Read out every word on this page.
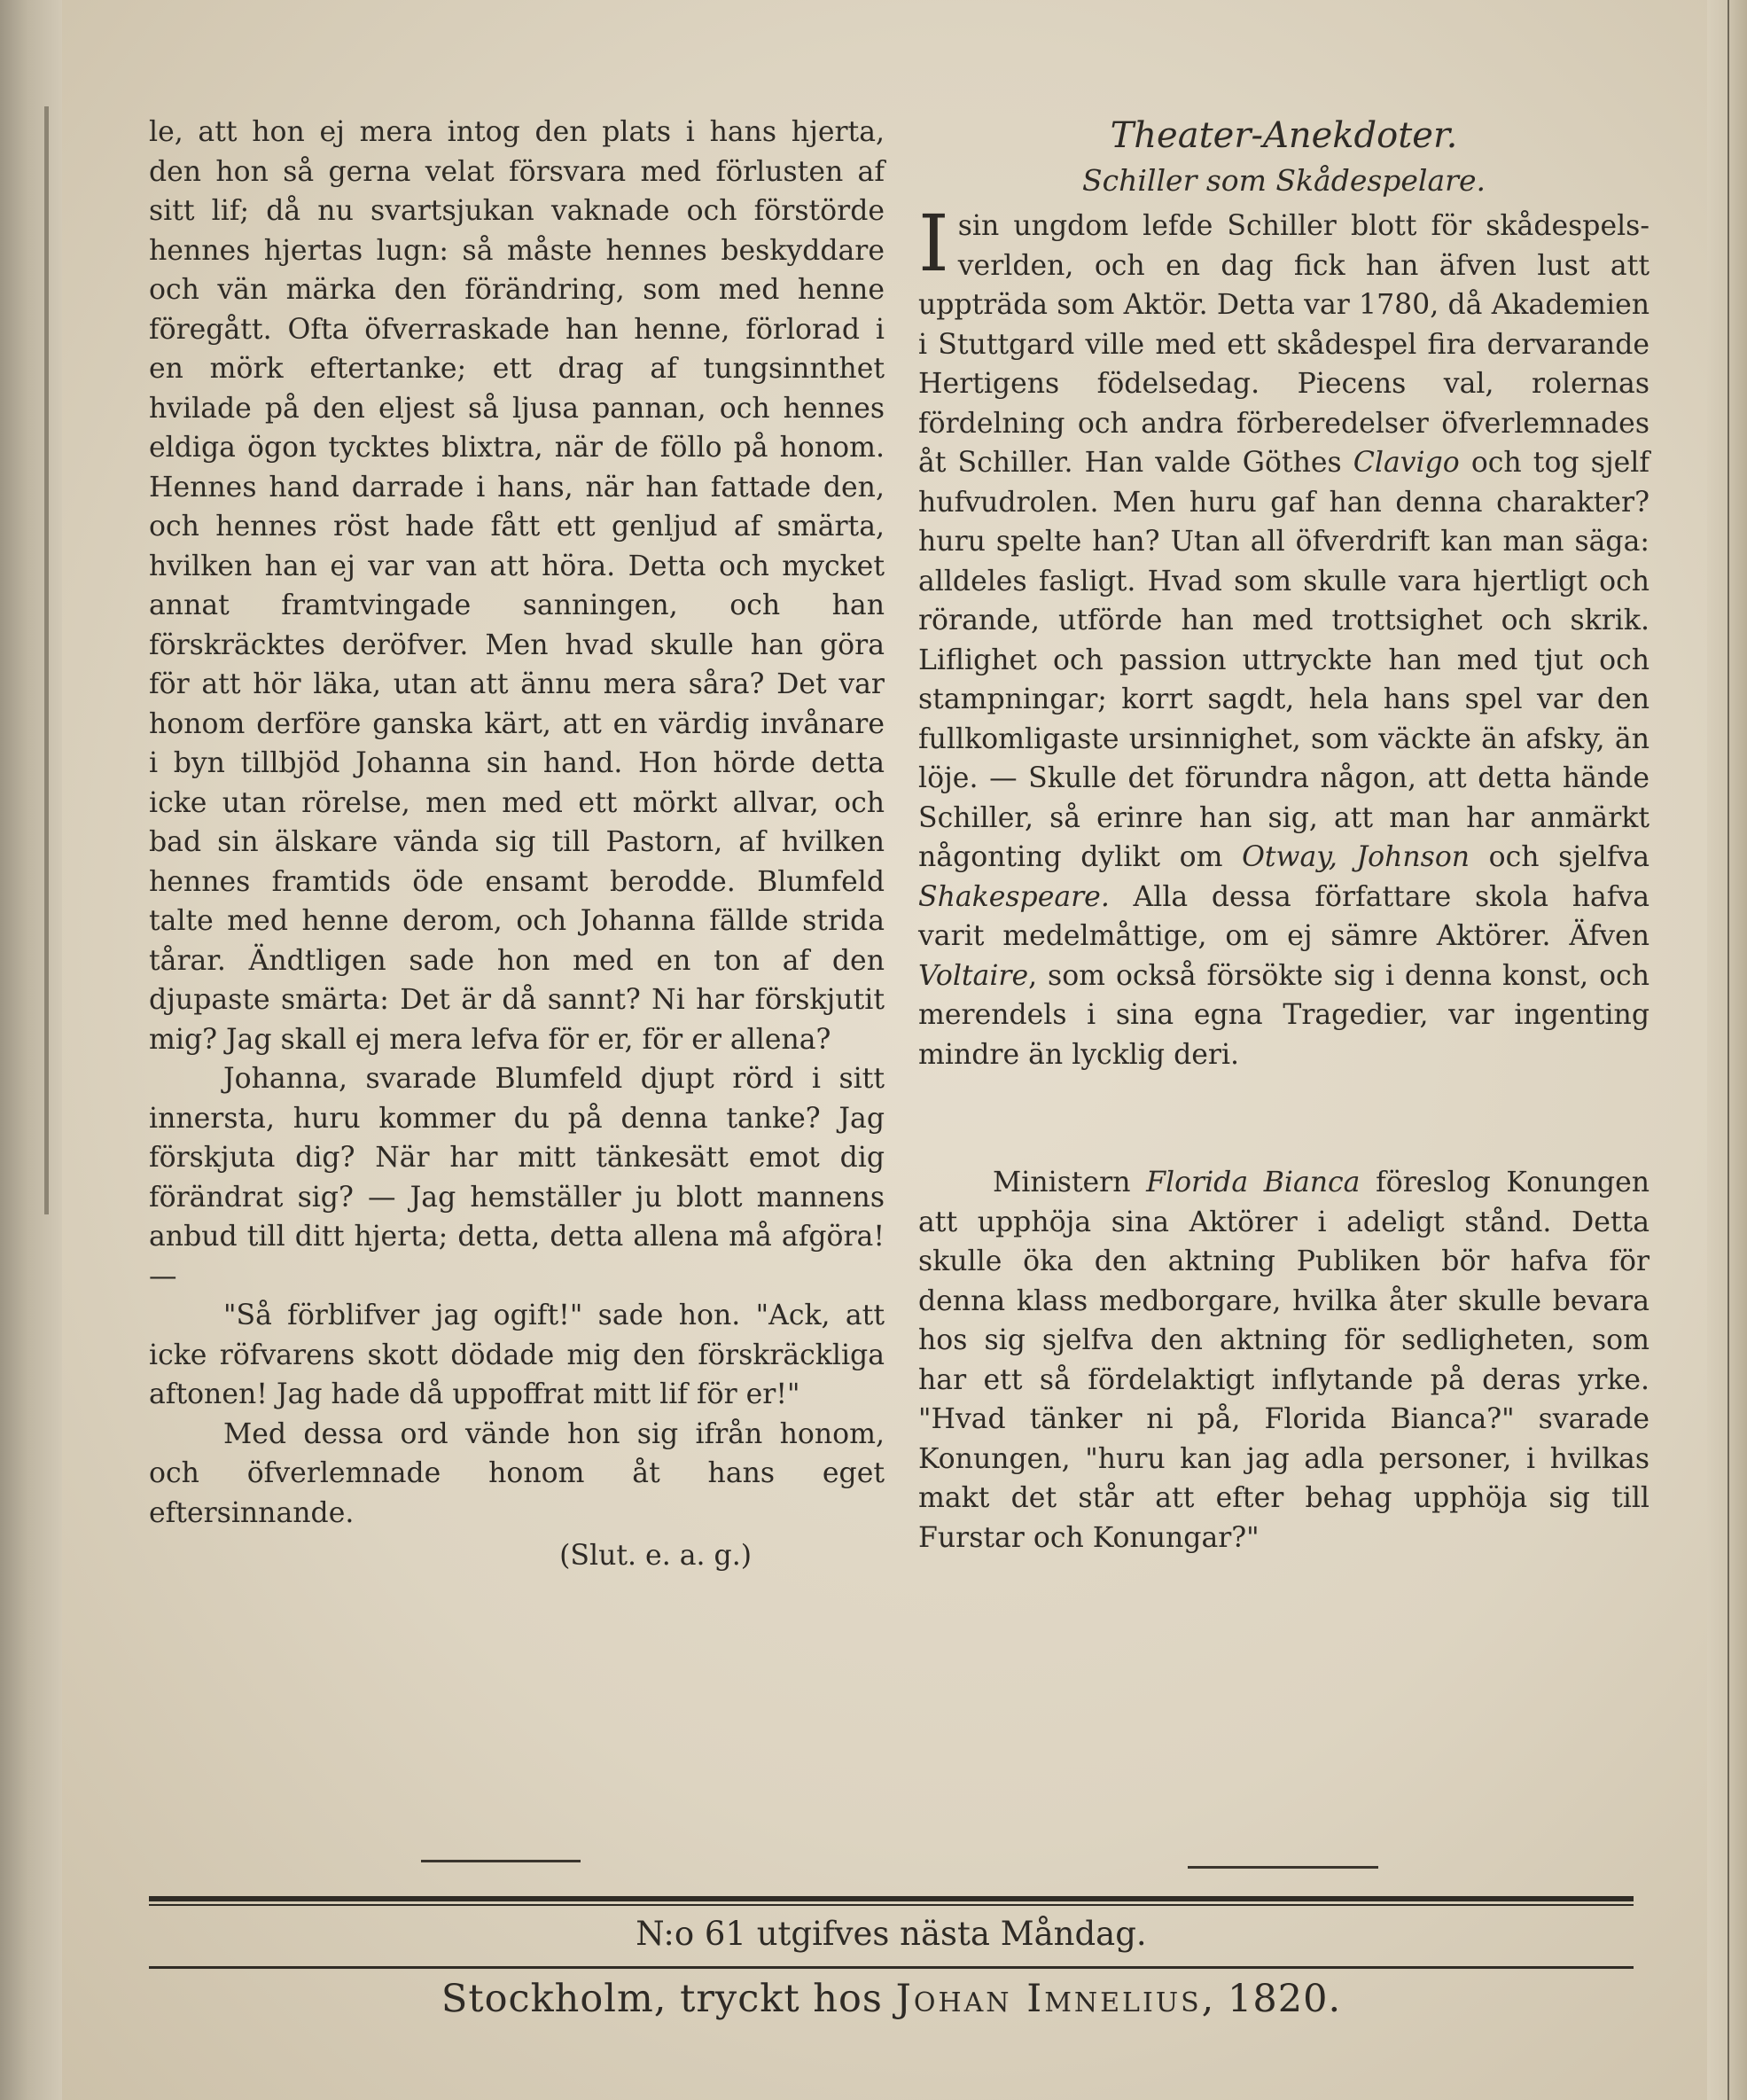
le, att hon ej mera intog den plats i hans hjerta, den hon så gerna velat försvara med förlusten af sitt lif; då nu svartsjukan vaknade och förstörde hennes hjertas lugn: så måste hennes beskyddare och vän märka den förändring, som med henne föregått. Ofta öfverraskade han henne, förlorad i en mörk eftertanke; ett drag af tungsinnthet hvilade på den eljest så ljusa pannan, och hennes eldiga ögon tycktes blixtra, när de föllo på honom. Hennes hand darrade i hans, när han fattade den, och hennes röst hade fått ett genljud af smärta, hvilken han ej var van att höra. Detta och mycket annat framtvingade sanningen, och han förskräcktes deröfver. Men hvad skulle han göra för att hör läka, utan att ännu mera såra? Det var honom derföre ganska kärt, att en värdig invånare i byn tillbjöd Johanna sin hand. Hon hörde detta icke utan rörelse, men med ett mörkt allvar, och bad sin älskare vända sig till Pastorn, af hvilken hennes framtids öde ensamt berodde. Blumfeld talte med henne derom, och Johanna fällde strida tårar. Ändtligen sade hon med en ton af den djupaste smärta: Det är då sannt? Ni har förskjutit mig? Jag skall ej mera lefva för er, för er allena?

Johanna, svarade Blumfeld djupt rörd i sitt innersta, huru kommer du på denna tanke? Jag förskjuta dig? När har mitt tänkesätt emot dig förändrat sig? — Jag hemställer ju blott mannens anbud till ditt hjerta; detta, detta allena må afgöra! —

"Så förblifver jag ogift!" sade hon. "Ack, att icke röfvarens skott dödade mig den förskräckliga aftonen! Jag hade då uppoffrat mitt lif för er!"

Med dessa ord vände hon sig ifrån honom, och öfverlemnade honom åt hans eget eftersinnande.

(Slut. e. a. g.)

Theater-Anekdoter.

Schiller som Skådespelare.

Isin ungdom lefde Schiller blott för skådespels-verlden, och en dag fick han äfven lust att uppträda som Aktör. Detta var 1780, då Akademien i Stuttgard ville med ett skådespel fira dervarande Hertigens födelsedag. Piecens val, rolernas fördelning och andra förberedelser öfverlemnades åt Schiller. Han valde Göthes Clavigo och tog sjelf hufvudrolen. Men huru gaf han denna charakter? huru spelte han? Utan all öfverdrift kan man säga: alldeles fasligt. Hvad som skulle vara hjertligt och rörande, utförde han med trottsighet och skrik. Liflighet och passion uttryckte han med tjut och stampningar; korrt sagdt, hela hans spel var den fullkomligaste ursinnighet, som väckte än afsky, än löje. — Skulle det förundra någon, att detta hände Schiller, så erinre han sig, att man har anmärkt någonting dylikt om Otway, Johnson och sjelfva Shakespeare. Alla dessa författare skola hafva varit medelmåttige, om ej sämre Aktörer. Äfven Voltaire, som också försökte sig i denna konst, och merendels i sina egna Tragedier, var ingenting mindre än lycklig deri.

Ministern Florida Bianca föreslog Konungen att upphöja sina Aktörer i adeligt stånd. Detta skulle öka den aktning Publiken bör hafva för denna klass medborgare, hvilka åter skulle bevara hos sig sjelfva den aktning för sedligheten, som har ett så fördelaktigt inflytande på deras yrke. "Hvad tänker ni på, Florida Bianca?" svarade Konungen, "huru kan jag adla personer, i hvilkas makt det står att efter behag upphöja sig till Furstar och Konungar?"

N:o 61 utgifves nästa Måndag.
Stockholm, tryckt hos Johan Imnelius, 1820.
